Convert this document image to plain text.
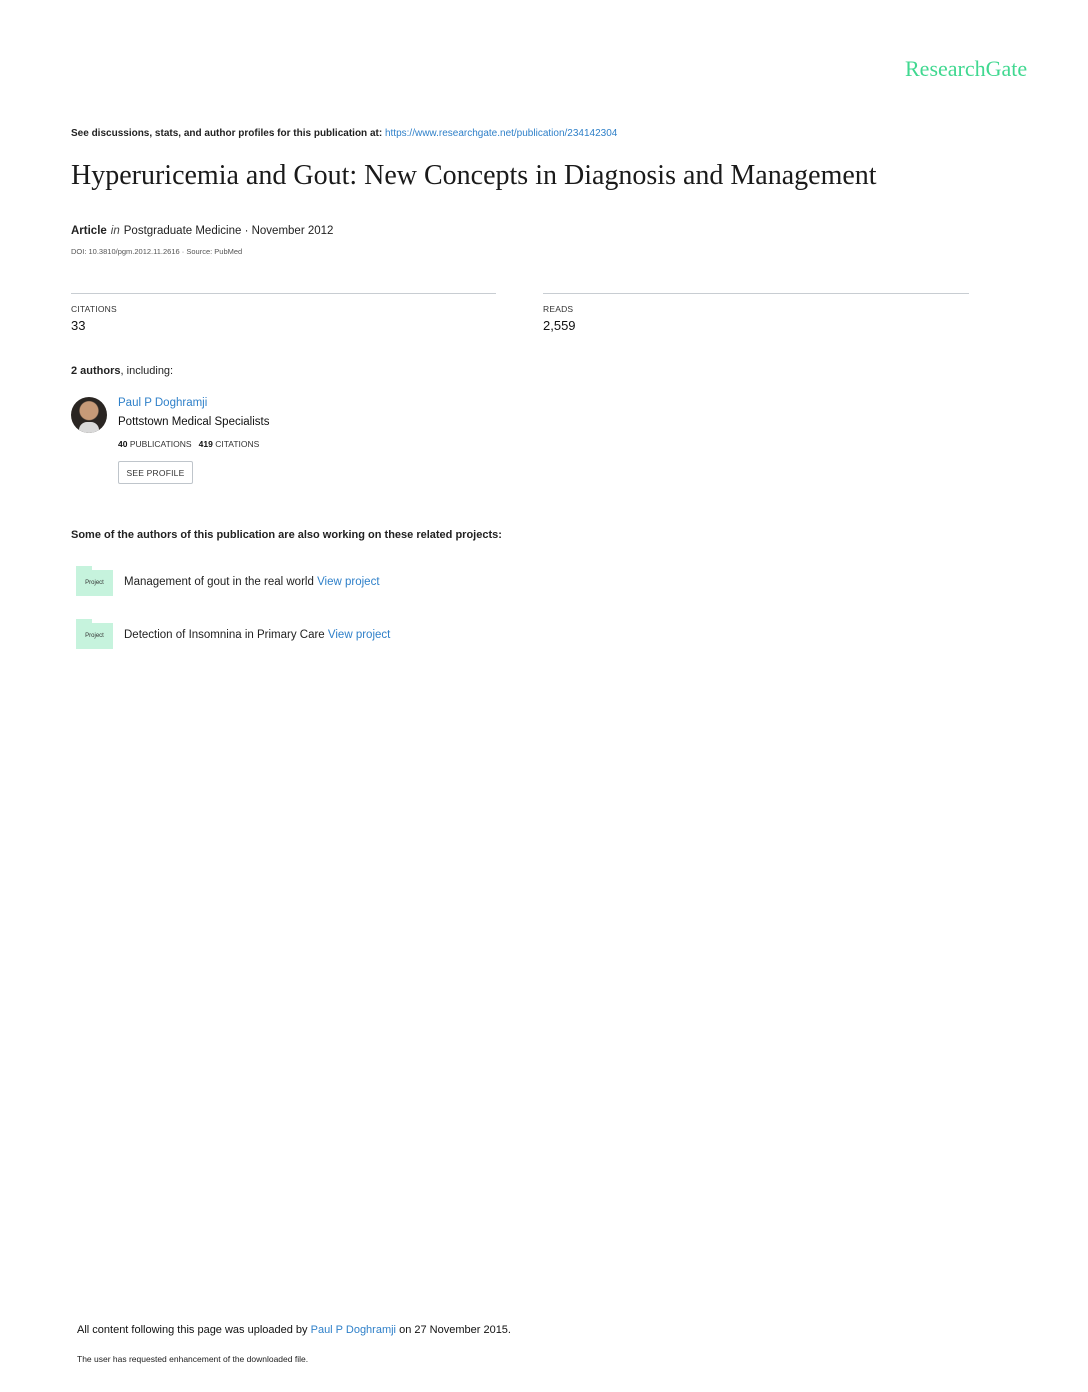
ResearchGate
See discussions, stats, and author profiles for this publication at: https://www.researchgate.net/publication/234142304
Hyperuricemia and Gout: New Concepts in Diagnosis and Management
Article in Postgraduate Medicine · November 2012
DOI: 10.3810/pgm.2012.11.2616 · Source: PubMed
CITATIONS
33
READS
2,559
2 authors, including:
Paul P Doghramji
Pottstown Medical Specialists
40 PUBLICATIONS 419 CITATIONS
SEE PROFILE
Some of the authors of this publication are also working on these related projects:
Project Management of gout in the real world View project
Project Detection of Insomnina in Primary Care View project
All content following this page was uploaded by Paul P Doghramji on 27 November 2015.
The user has requested enhancement of the downloaded file.
